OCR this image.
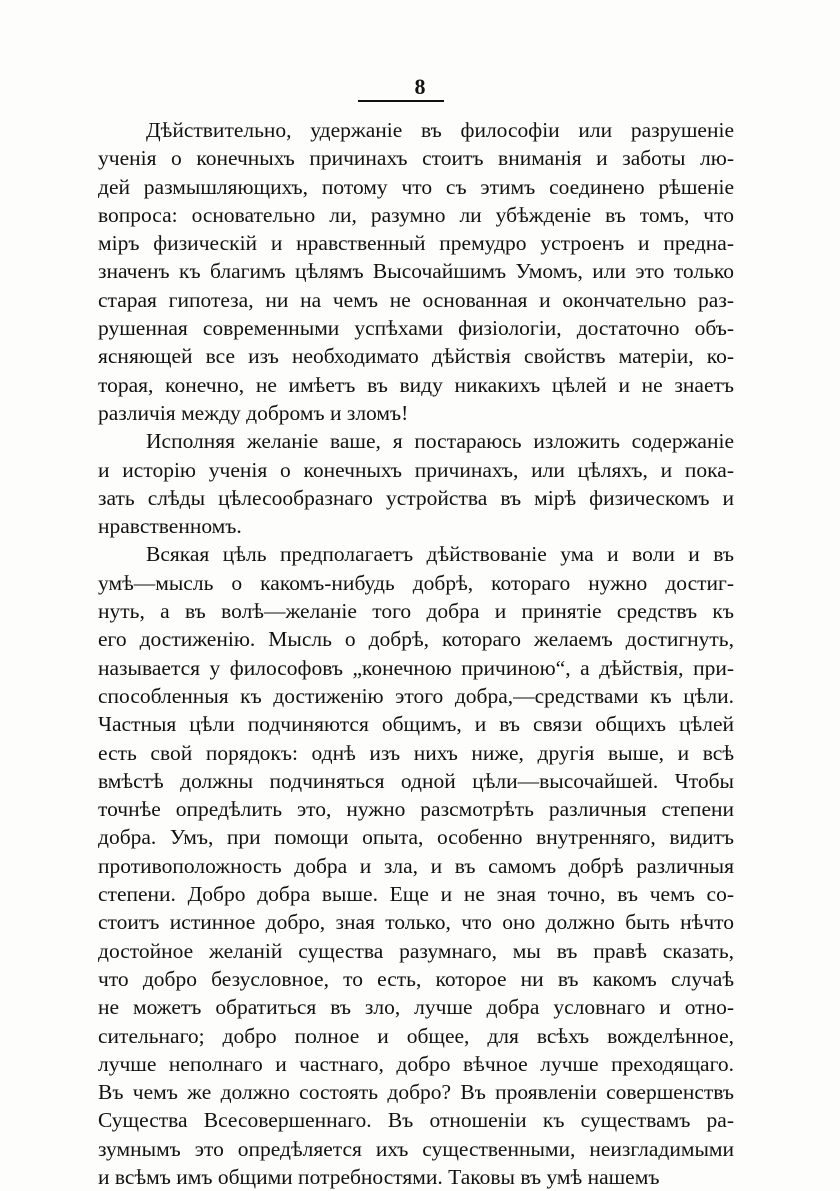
8

Дѣйствительно, удержаніе въ философіи или разрушеніе
ученія о конечныхъ причинахъ стоитъ вниманія и заботы лю-
дей размышляющихъ, потому что съ этимъ соединено рѣшеніе
вопроса: основательно ли, разумно ли убѣжденіе въ томъ, что
міръ физическій и нравственный премудро устроенъ и предна-
значенъ къ благимъ цѣлямъ Высочайшимъ Умомъ, или это только
старая гипотеза, ни на чемъ не основанная и окончательно раз-
рушенная современными успѣхами физіологіи, достаточно объ-
ясняющей все изъ необходимато дѣйствія свойствъ матеріи, ко-
торая, конечно, не имѣетъ въ виду никакихъ цѣлей и не знаетъ
различія между добромъ и зломъ!

Исполняя желаніе ваше, я постараюсь изложить содержаніе
и исторію ученія о конечныхъ причинахъ, или цѣляхъ, и пока-
зать слѣды цѣлесообразнаго устройства въ мірѣ физическомъ и
нравственномъ.

Всякая цѣль предполагаетъ дѣйствованіе ума и воли и въ
умѣ—мысль о какомъ-нибудь добрѣ, котораго нужно достиг-
нуть, а въ волѣ—желаніе того добра и принятіе средствъ къ
его достиженію. Мысль о добрѣ, котораго желаемъ достигнуть,
называется у философовъ „конечною причиною“, а дѣйствія, при-
способленныя къ достиженію этого добра,—средствами къ цѣли.
Частныя цѣли подчиняются общимъ, и въ связи общихъ цѣлей
есть свой порядокъ: однѣ изъ нихъ ниже, другія выше, и всѣ
вмѣстѣ должны подчиняться одной цѣли—высочайшей. Чтобы
точнѣе опредѣлить это, нужно разсмотрѣть различныя степени
добра. Умъ, при помощи опыта, особенно внутренняго, видитъ
противоположность добра и зла, и въ самомъ добрѣ различныя
степени. Добро добра выше. Еще и не зная точно, въ чемъ со-
стоитъ истинное добро, зная только, что оно должно быть нѣчто
достойное желаній существа разумнаго, мы въ правѣ сказать,
что добро безусловное, то есть, которое ни въ какомъ случаѣ
не можетъ обратиться въ зло, лучше добра условнаго и отно-
сительнаго; добро полное и общее, для всѣхъ вожделѣнное,
лучше неполнаго и частнаго, добро вѣчное лучше преходящаго.
Въ чемъ же должно состоять добро? Въ проявленіи совершенствъ
Существа Всесовершеннаго. Въ отношеніи къ существамъ ра-
зумнымъ это опредѣляется ихъ существенными, неизгладимыми
и всѣмъ имъ общими потребностями. Таковы въ умѣ нашемъ
